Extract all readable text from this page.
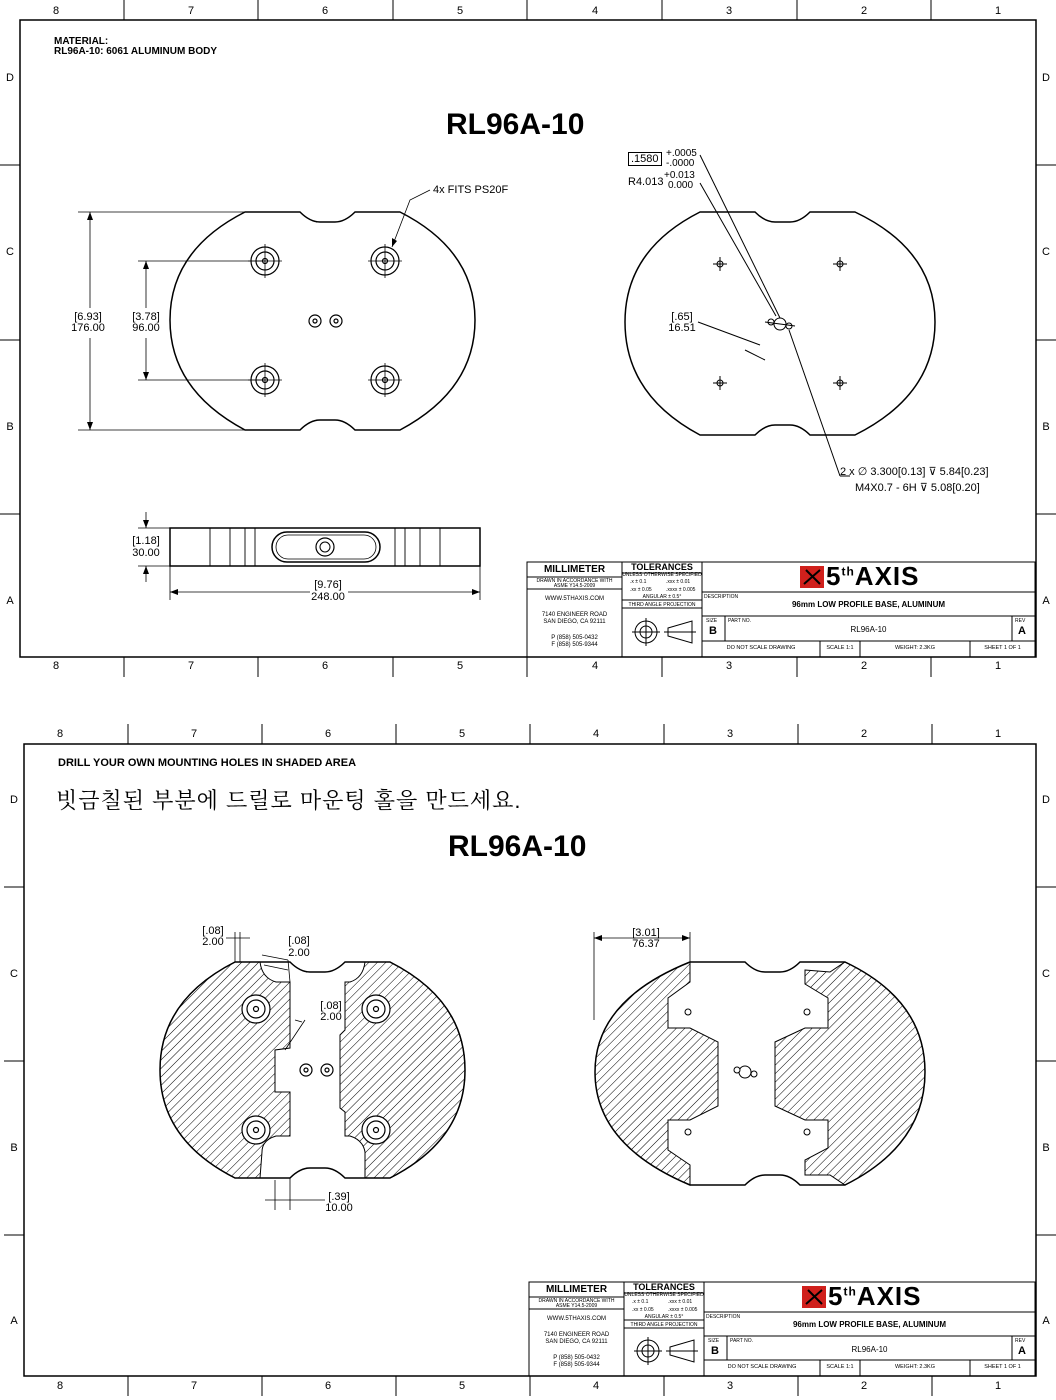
8	7	6	5	4	3	2	1
8	7	6	5	4	3	2	1
D
C
B
A
D
C
B
A
MATERIAL:
RL96A-10: 6061 ALUMINUM BODY
RL96A-10
4x FITS PS20F
[6.93]
176.00
[3.78]
96.00
[1.18]
30.00
[9.76]
248.00
.1580 +.0005
-.0000
R4.013
+0.013
0.000
[.65]
16.51
2 x ∅ 3.300[0.13] ⊽ 5.84[0.23]
M4X0.7 - 6H ⊽ 5.08[0.20]
MILLIMETER
DRAWN IN ACCORDANCE WITH
ASME Y14.5-2009
WWW.5THAXIS.COM
7140 ENGINEER ROAD
SAN DIEGO, CA 92111
P (858) 505-0432
F (858) 505-9344
TOLERANCES
UNLESS OTHERWISE SPECIFIED
.x ± 0.1
.xx ± 0.05
.xxx ± 0.01
.xxxx ± 0.005
ANGULAR ± 0.5°
THIRD ANGLE PROJECTION
5thAXIS
DESCRIPTION
96mm LOW PROFILE BASE, ALUMINUM
SIZE
B
PART NO.
RL96A-10
REV
A
DO NOT SCALE DRAWING	SCALE 1:1	WEIGHT: 2.3KG	SHEET 1 OF 1
8	7	6	5	4	3	2	1
8	7	6	5	4	3	2	1
D
C
B
A
D
C
B
A
DRILL YOUR OWN MOUNTING HOLES IN SHADED AREA
빗금칠된 부분에 드릴로 마운팅 홀을 만드세요.
RL96A-10
[.08]
2.00	[.08]
2.00
[.08]
2.00
[.39]
10.00
[3.01]
76.37
MILLIMETER
DRAWN IN ACCORDANCE WITH
ASME Y14.5-2009
WWW.5THAXIS.COM
7140 ENGINEER ROAD
SAN DIEGO, CA 92111
P (858) 505-0432
F (858) 505-9344
TOLERANCES
UNLESS OTHERWISE SPECIFIED
.x ± 0.1
.xx ± 0.05
.xxx ± 0.01
.xxxx ± 0.005
ANGULAR ± 0.5°
THIRD ANGLE PROJECTION
5thAXIS
DESCRIPTION
96mm LOW PROFILE BASE, ALUMINUM
SIZE
B
PART NO.
RL96A-10
REV
A
DO NOT SCALE DRAWING	SCALE 1:1	WEIGHT: 2.3KG	SHEET 1 OF 1
